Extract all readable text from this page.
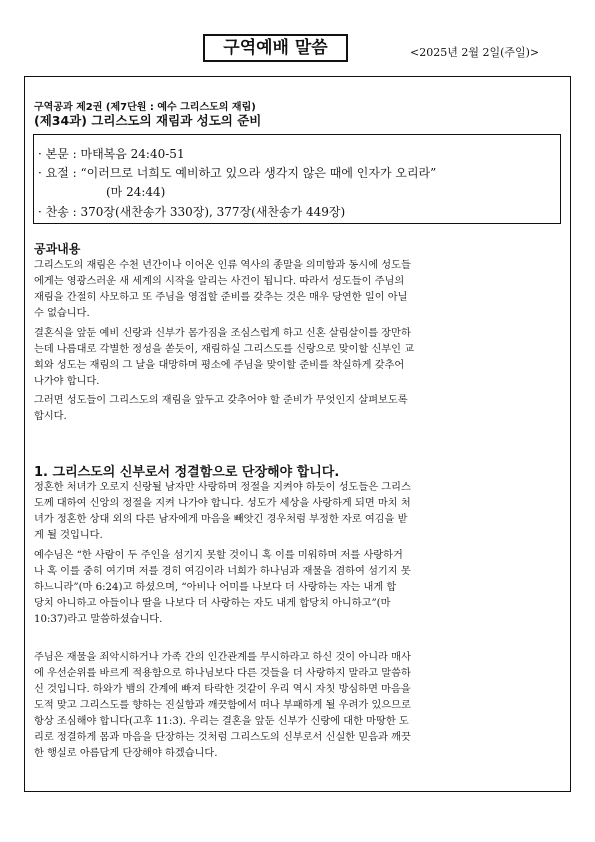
구역예배 말씀	<2025년 2월 2일(주일)>
구역공과 제2권 (제7단원 : 예수 그리스도의 재림)
(제34과) 그리스도의 재림과 성도의 준비
· 본문 : 마태복음 24:40-51
· 요절 : “이러므로 너희도 예비하고 있으라 생각지 않은 때에 인자가 오리라”
(마 24:44)
· 찬송 : 370장(새찬송가 330장), 377장(새찬송가 449장)
공과내용
그리스도의 재림은 수천 년간이나 이어온 인류 역사의 종말을 의미함과 동시에 성도들
에게는 영광스러운 새 세계의 시작을 알리는 사건이 됩니다. 따라서 성도들이 주님의
재림을 간절히 사모하고 또 주님을 영접할 준비를 갖추는 것은 매우 당연한 일이 아닐
수 없습니다.
결혼식을 앞둔 예비 신랑과 신부가 몸가짐을 조심스럽게 하고 신혼 살림살이를 장만하
는데 나름대로 각별한 정성을 쏟듯이, 재림하실 그리스도를 신랑으로 맞이할 신부인 교
회와 성도는 재림의 그 날을 대망하며 평소에 주님을 맞이할 준비를 착실하게 갖추어
나가야 합니다.
그러면 성도들이 그리스도의 재림을 앞두고 갖추어야 할 준비가 무엇인지 살펴보도록
합시다.
1. 그리스도의 신부로서 정결함으로 단장해야 합니다.
정혼한 처녀가 오로지 신랑될 남자만 사랑하며 정절을 지켜야 하듯이 성도들은 그리스
도께 대하여 신앙의 정절을 지켜 나가야 합니다. 성도가 세상을 사랑하게 되면 마치 처
녀가 정혼한 상대 외의 다른 남자에게 마음을 빼앗긴 경우처럼 부정한 자로 여김을 받
게 될 것입니다.
예수님은 “한 사람이 두 주인을 섬기지 못할 것이니 혹 이를 미워하며 저를 사랑하거
나 혹 이를 중히 여기며 저를 경히 여김이라 너희가 하나님과 재물을 겸하여 섬기지 못
하느니라”(마 6:24)고 하셨으며, “아비나 어미를 나보다 더 사랑하는 자는 내게 합
당치 아니하고 아들이나 딸을 나보다 더 사랑하는 자도 내게 합당치 아니하고”(마
10:37)라고 말씀하셨습니다.
주님은 재물을 죄악시하거나 가족 간의 인간관계를 무시하라고 하신 것이 아니라 매사
에 우선순위를 바르게 적용함으로 하나님보다 다른 것들을 더 사랑하지 말라고 말씀하
신 것입니다. 하와가 뱀의 간계에 빠져 타락한 것같이 우리 역시 자칫 방심하면 마음을
도적 맞고 그리스도를 향하는 진실함과 깨끗함에서 떠나 부패하게 될 우려가 있으므로
항상 조심해야 합니다(고후 11:3). 우리는 결혼을 앞둔 신부가 신랑에 대한 마땅한 도
리로 정결하게 몸과 마음을 단장하는 것처럼 그리스도의 신부로서 신실한 믿음과 깨끗
한 행실로 아름답게 단장해야 하겠습니다.
